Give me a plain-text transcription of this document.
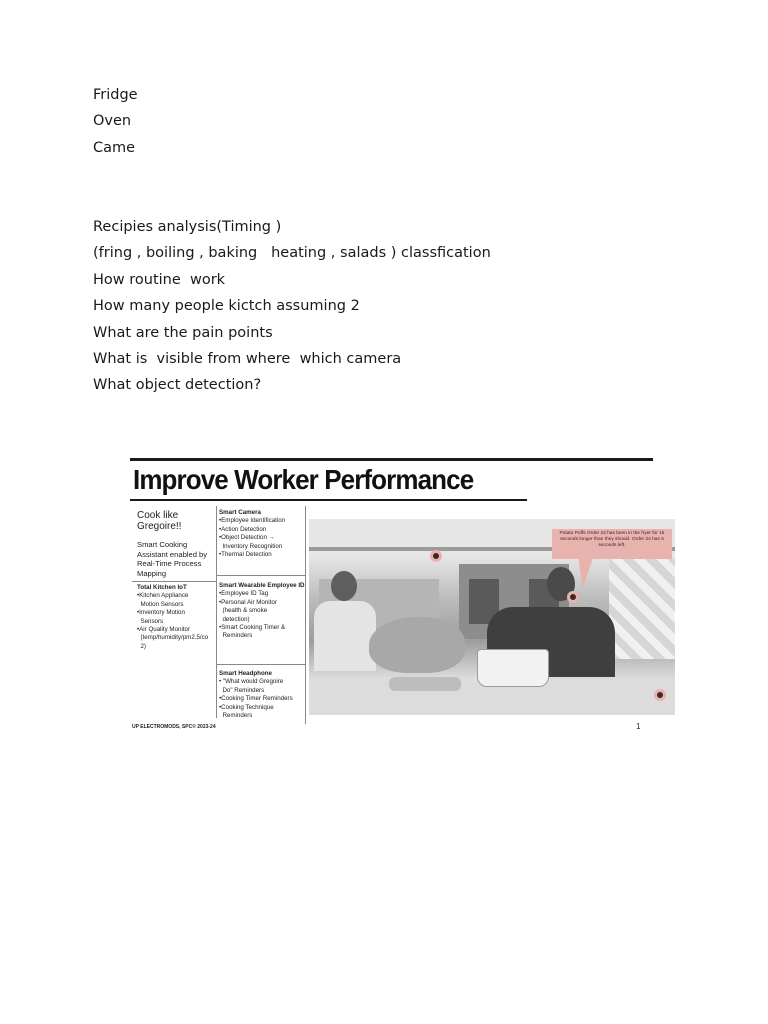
Fridge
Oven
Came
Recipies analysis(Timing )
(fring , boiling , baking   heating , salads ) classfication
How routine  work
How many people kictch assuming 2
What are the pain points
What is  visible from where  which camera
What object detection?
Improve Worker Performance
Cook like Gregoire!!
Smart Cooking Assistant enabled by Real-Time Process Mapping
Total Kitchen IoT
•Kitchen Appliance
Motion Sensors
•Inventory Motion
Sensors
•Air Quality Monitor
(temp/humidity/pm2.5/co
2)
Smart Camera
•Employee Identification
•Action Detection
•Object Detection →
Inventory Recognition
•Thermal Detection
Smart Wearable Employee ID
•Employee ID Tag
•Personal Air Monitor
(health & smoke
detection)
•Smart Cooking Timer &
Reminders
Smart Headphone
• "What would Gregoire
Do" Reminders
•Cooking Timer Reminders
•Cooking Technique
Reminders
Potato Puffs Order 23 has been in the fryer for 15 seconds longer than they should. Order 24 has 5 seconds left.
UP ELECTROMODS, SPC© 2023-24	1
